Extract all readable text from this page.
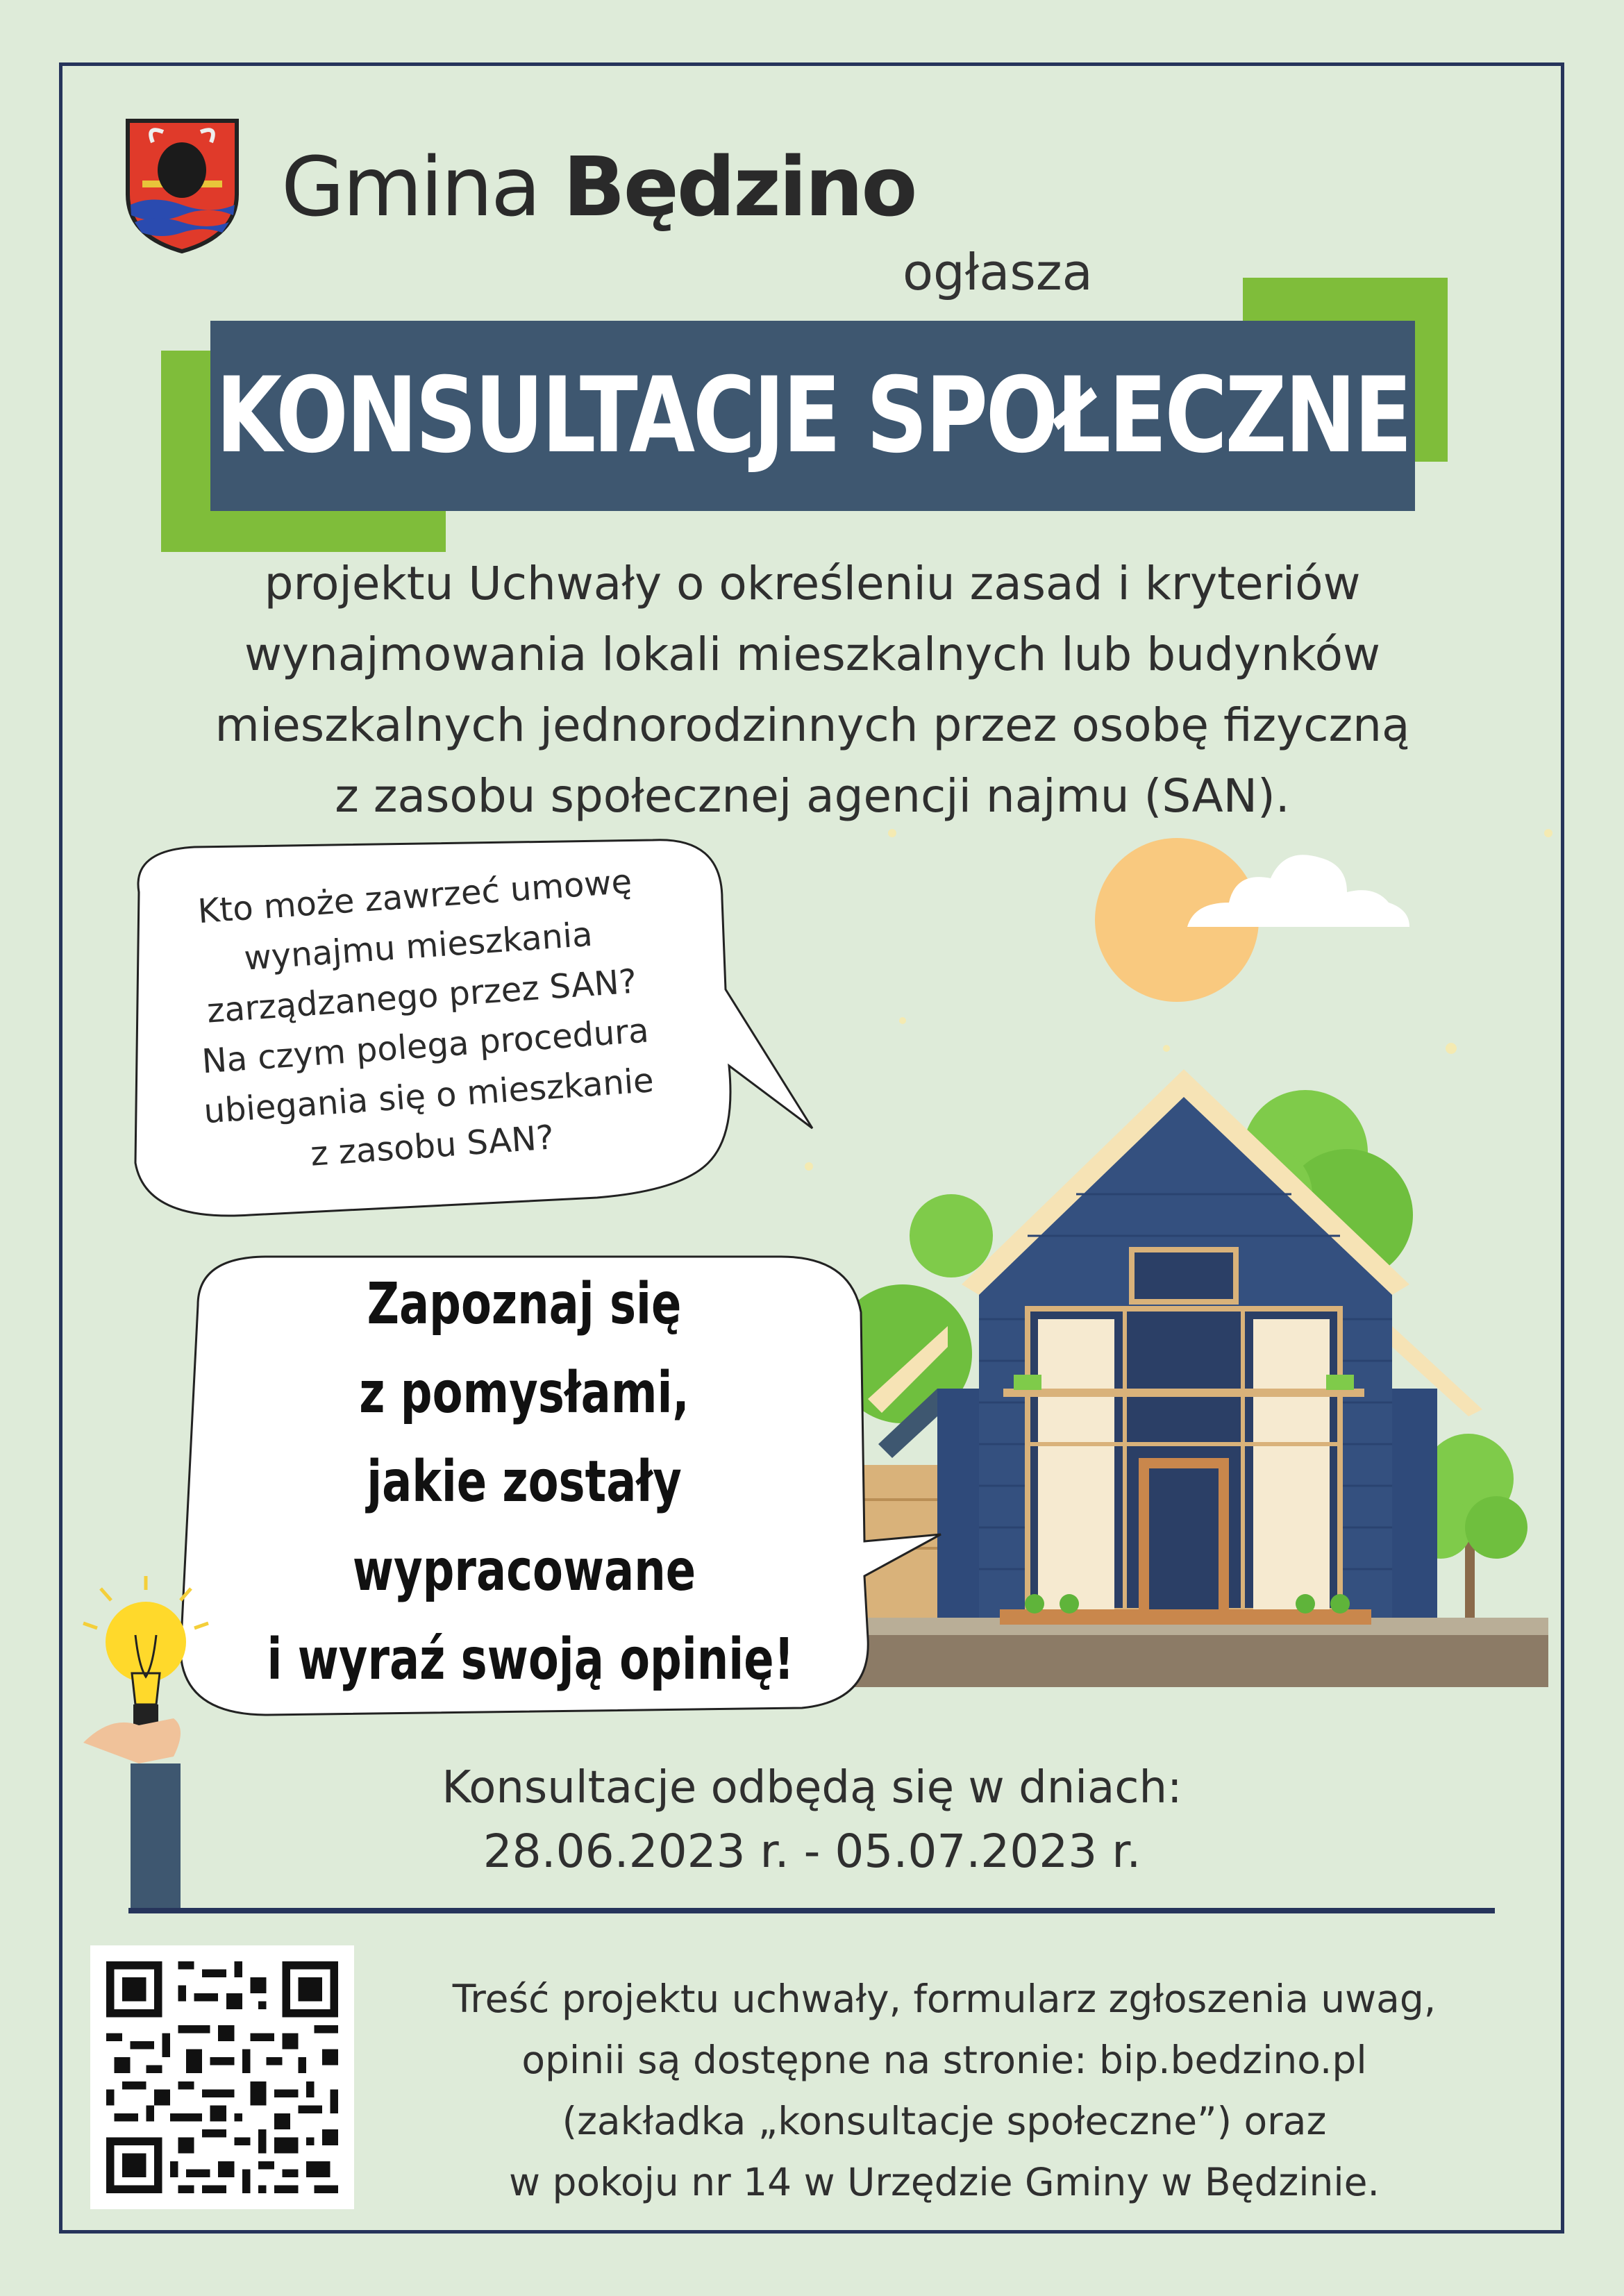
Gmina Będzino
ogłasza
KONSULTACJE SPOŁECZNE
projektu Uchwały o określeniu zasad i kryteriów
wynajmowania lokali mieszkalnych lub budynków
mieszkalnych jednorodzinnych przez osobę fizyczną
z zasobu społecznej agencji najmu (SAN).
Kto może zawrzeć umowę
wynajmu mieszkania
zarządzanego przez SAN?
Na czym polega procedura
ubiegania się o mieszkanie
z zasobu SAN?
Zapoznaj się
z pomysłami,
jakie zostały
wypracowane
i wyraź swoją opinię!
Konsultacje odbędą się w dniach:
28.06.2023 r. - 05.07.2023 r.
Treść projektu uchwały, formularz zgłoszenia uwag,
opinii są dostępne na stronie: bip.bedzino.pl
(zakładka „konsultacje społeczne”) oraz
w pokoju nr 14 w Urzędzie Gminy w Będzinie.
